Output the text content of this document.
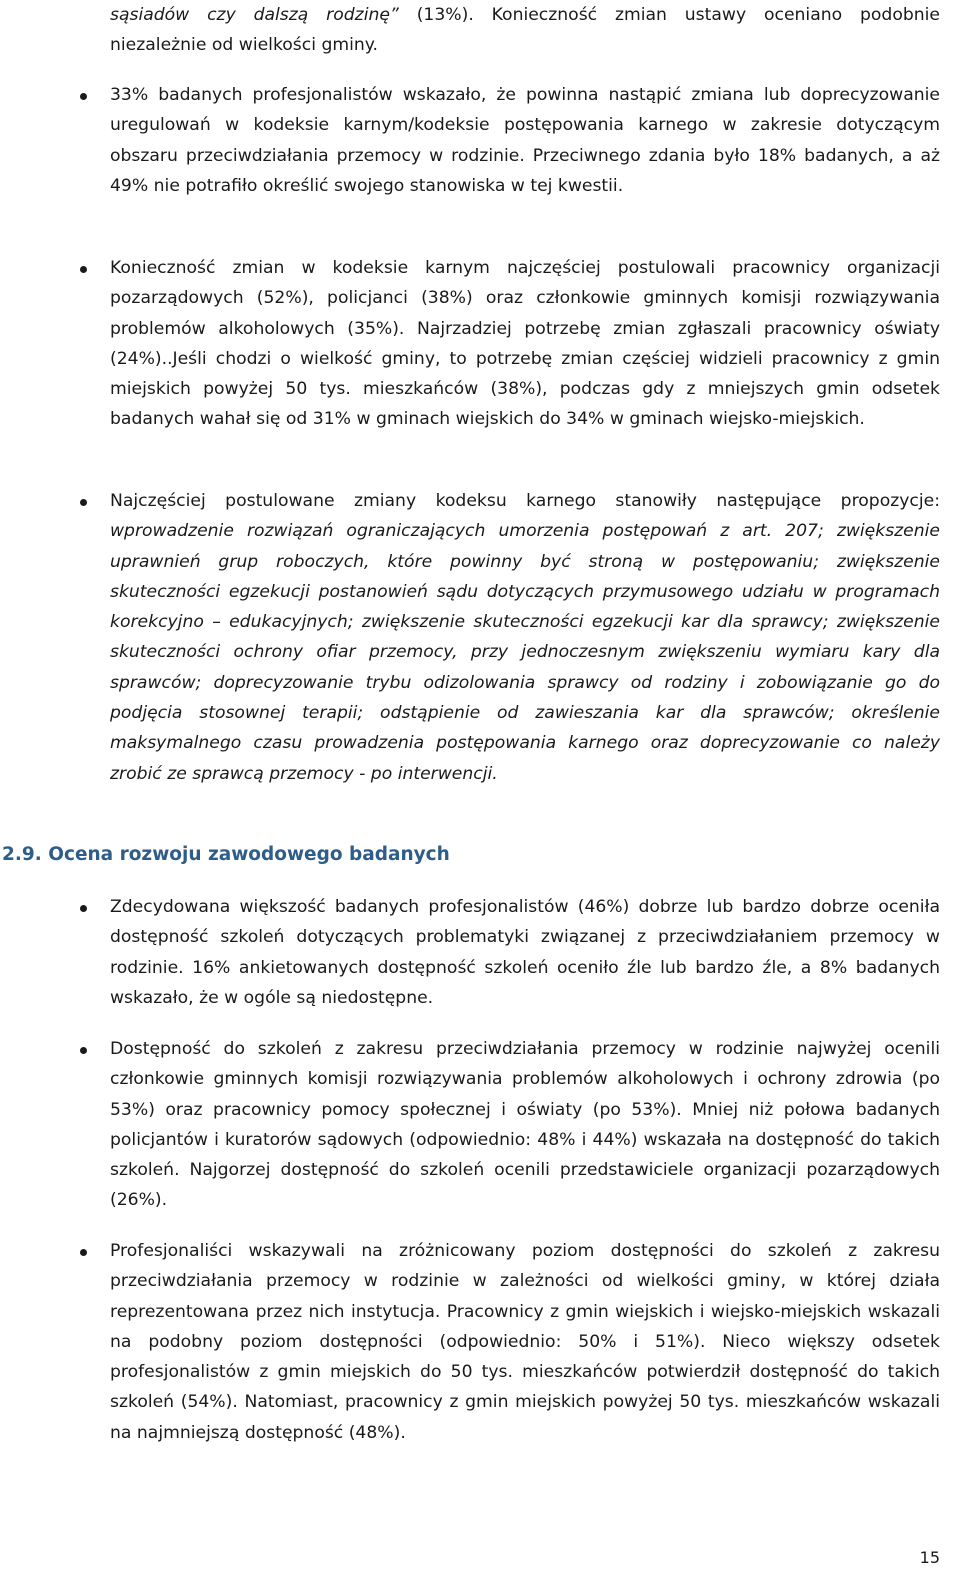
sąsiadów czy dalszą rodzinę” (13%). Konieczność zmian ustawy oceniano podobnie
niezależnie od wielkości gminy.
33% badanych profesjonalistów wskazało, że powinna nastąpić zmiana lub doprecyzowanie uregulowań w kodeksie karnym/kodeksie postępowania karnego w zakresie dotyczącym obszaru przeciwdziałania przemocy w rodzinie. Przeciwnego zdania było 18% badanych, a aż 49% nie potrafiło określić swojego stanowiska w tej kwestii.
Konieczność zmian w kodeksie karnym najczęściej postulowali pracownicy organizacji pozarządowych (52%), policjanci (38%) oraz członkowie gminnych komisji rozwiązywania problemów alkoholowych (35%). Najrzadziej potrzebę zmian zgłaszali pracownicy oświaty (24%)..Jeśli chodzi o wielkość gminy, to potrzebę zmian częściej widzieli pracownicy z gmin miejskich powyżej 50 tys. mieszkańców (38%), podczas gdy z mniejszych gmin odsetek badanych wahał się od 31% w gminach wiejskich do 34% w gminach wiejsko-miejskich.
Najczęściej postulowane zmiany kodeksu karnego stanowiły następujące propozycje: wprowadzenie rozwiązań ograniczających umorzenia postępowań z art. 207; zwiększenie uprawnień grup roboczych, które powinny być stroną w postępowaniu; zwiększenie skuteczności egzekucji postanowień sądu dotyczących przymusowego udziału w programach korekcyjno – edukacyjnych; zwiększenie skuteczności egzekucji kar dla sprawcy; zwiększenie skuteczności ochrony ofiar przemocy, przy jednoczesnym zwiększeniu wymiaru kary dla sprawców; doprecyzowanie trybu odizolowania sprawcy od rodziny i zobowiązanie go do podjęcia stosownej terapii; odstąpienie od zawieszania kar dla sprawców; określenie maksymalnego czasu prowadzenia postępowania karnego oraz doprecyzowanie co należy zrobić ze sprawcą przemocy - po interwencji.
2.9. Ocena rozwoju zawodowego badanych
Zdecydowana większość badanych profesjonalistów (46%) dobrze lub bardzo dobrze oceniła dostępność szkoleń dotyczących problematyki związanej z przeciwdziałaniem przemocy w rodzinie. 16% ankietowanych dostępność szkoleń oceniło źle lub bardzo źle, a 8% badanych wskazało, że w ogóle są niedostępne.
Dostępność do szkoleń z zakresu przeciwdziałania przemocy w rodzinie najwyżej ocenili członkowie gminnych komisji rozwiązywania problemów alkoholowych i ochrony zdrowia (po 53%) oraz pracownicy pomocy społecznej i oświaty (po 53%). Mniej niż połowa badanych policjantów i kuratorów sądowych (odpowiednio: 48% i 44%) wskazała na dostępność do takich szkoleń. Najgorzej dostępność do szkoleń ocenili przedstawiciele organizacji pozarządowych (26%).
Profesjonaliści wskazywali na zróżnicowany poziom dostępności do szkoleń z zakresu przeciwdziałania przemocy w rodzinie w zależności od wielkości gminy, w której działa reprezentowana przez nich instytucja. Pracownicy z gmin wiejskich i wiejsko-miejskich wskazali na podobny poziom dostępności (odpowiednio: 50% i 51%). Nieco większy odsetek profesjonalistów z gmin miejskich do 50 tys. mieszkańców potwierdził dostępność do takich szkoleń (54%). Natomiast, pracownicy z gmin miejskich powyżej 50 tys. mieszkańców wskazali na najmniejszą dostępność (48%).
15
